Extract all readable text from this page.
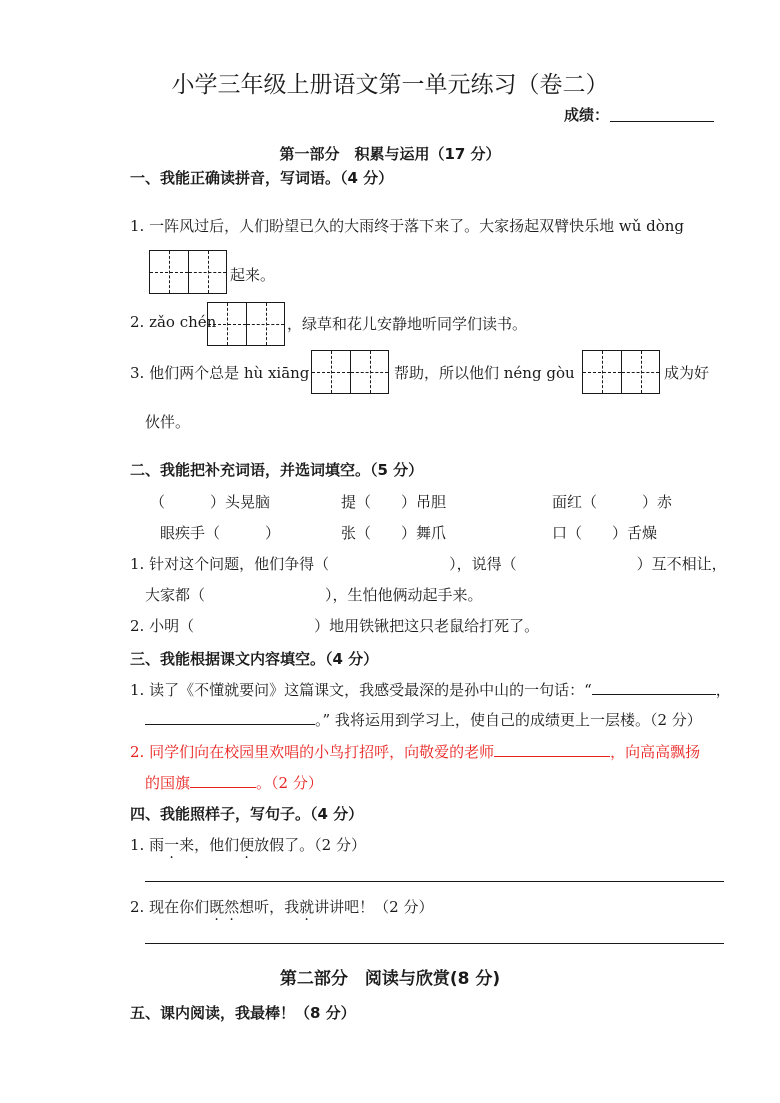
小学三年级上册语文第一单元练习（卷二）
成绩：
第一部分　积累与运用（17 分）
一、我能正确读拼音，写词语。（4 分）
1. 一阵风过后，人们盼望已久的大雨终于落下来了。大家扬起双臂快乐地 wǔ dòng
起来。
2. zǎo chén	，绿草和花儿安静地听同学们读书。
3. 他们两个总是 hù xiāng	帮助，所以他们 néng gòu	成为好
伙伴。
二、我能把补充词语，并选词填空。（5 分）
（　　　）头晃脑	提（　　）吊胆	面红（　　　）赤
眼疾手（　　　）	张（　　）舞爪	口（　　）舌燥
1. 针对这个问题，他们争得（　　　　　　　　），说得（　　　　　　　　）互不相让，
大家都（　　　　　　　　），生怕他俩动起手来。
2. 小明（　　　　　　　　）地用铁锹把这只老鼠给打死了。
三、我能根据课文内容填空。（4 分）
1. 读了《不懂就要问》这篇课文，我感受最深的是孙中山的一句话：“	，
。” 我将运用到学习上，使自己的成绩更上一层楼。（2 分）
2. 同学们向在校园里欢唱的小鸟打招呼，向敬爱的老师	，向高高飘扬
的国旗	。（2 分）
四、我能照样子，写句子。（4 分）
1. 雨一来，他们便放假了。（2 分）
2. 现在你们既然想听，我就讲讲吧！（2 分）
第二部分　阅读与欣赏(8 分)
五、课内阅读，我最棒！（8 分）
